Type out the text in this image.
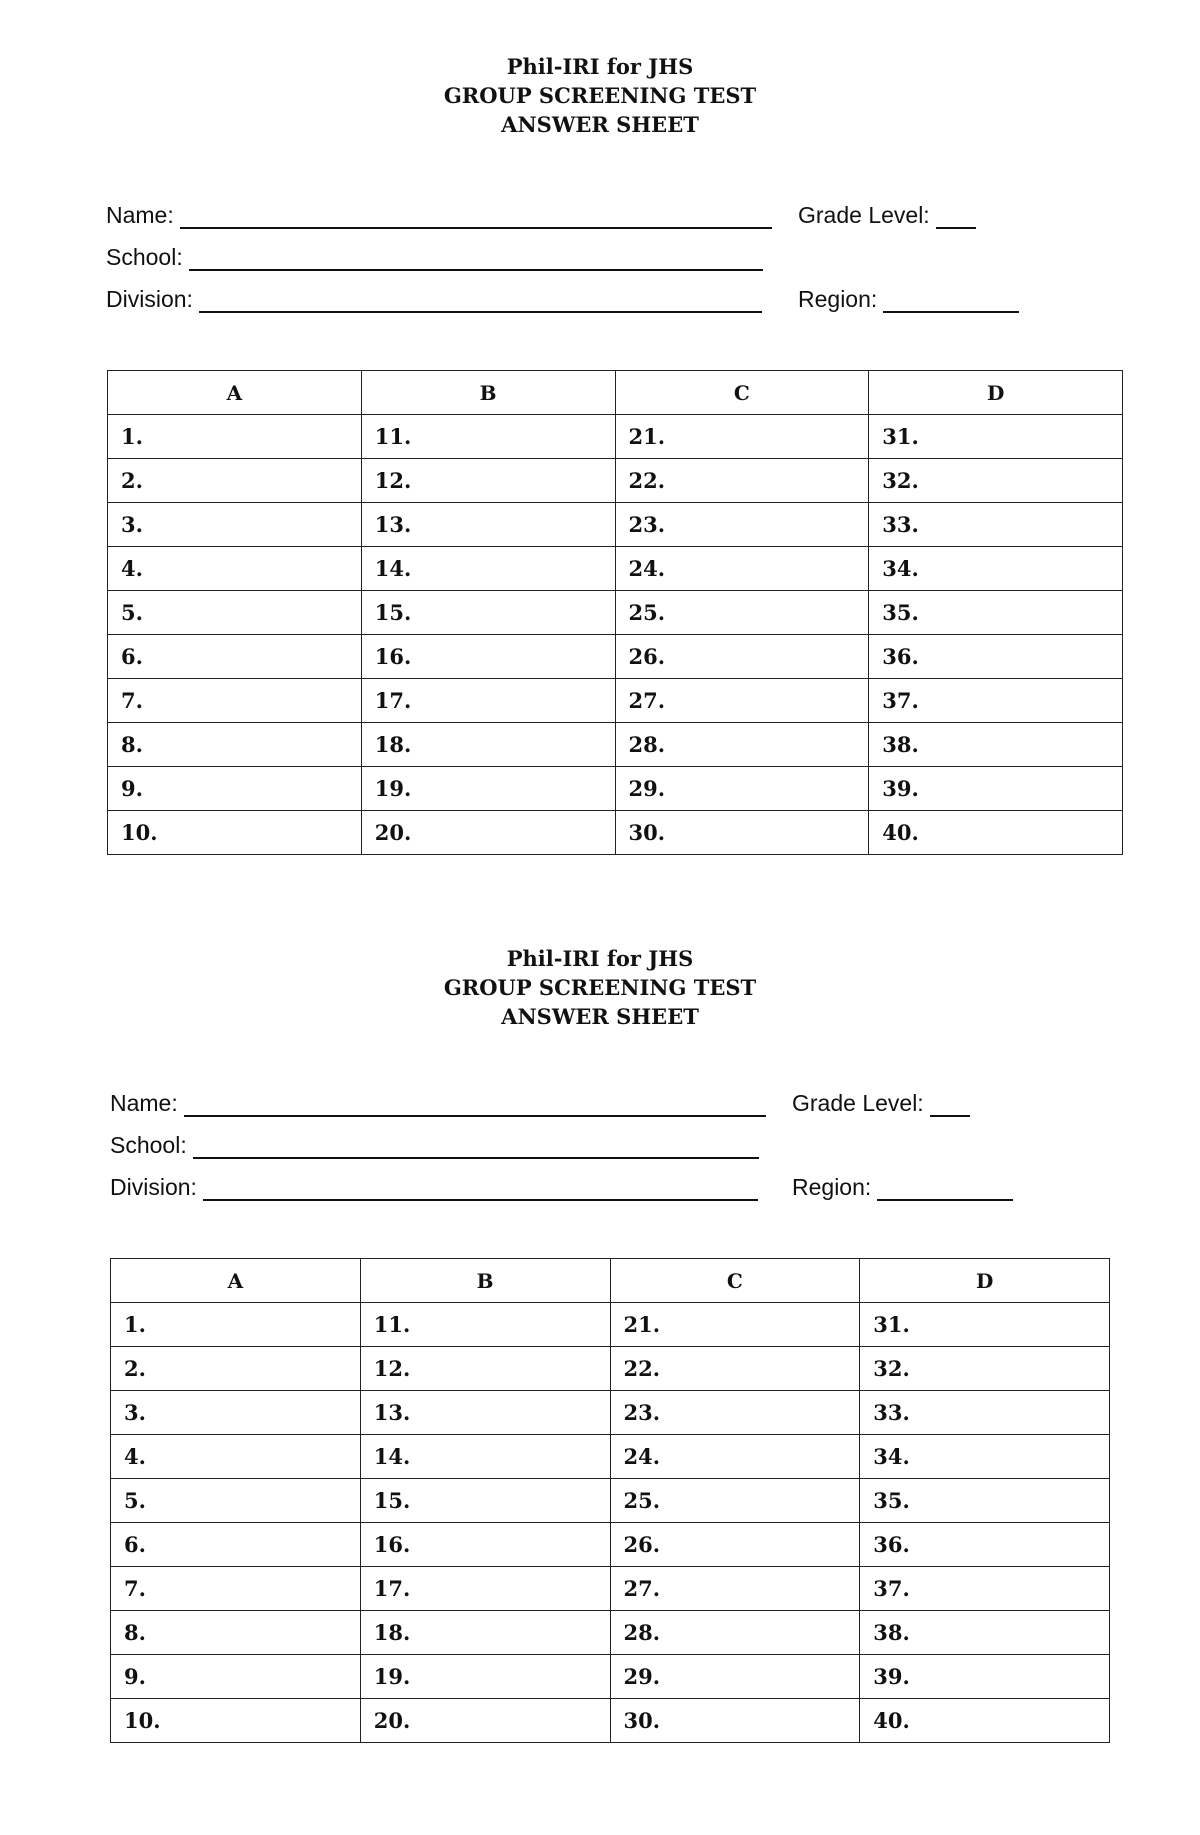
Phil-IRI for JHS
GROUP SCREENING TEST
ANSWER SHEET
Name:	Grade Level:
School:
Division:	Region:
A	B	C	D
1.	11.	21.	31.
2.	12.	22.	32.
3.	13.	23.	33.
4.	14.	24.	34.
5.	15.	25.	35.
6.	16.	26.	36.
7.	17.	27.	37.
8.	18.	28.	38.
9.	19.	29.	39.
10.	20.	30.	40.
Phil-IRI for JHS
GROUP SCREENING TEST
ANSWER SHEET
Name:	Grade Level:
School:
Division:	Region:
A	B	C	D
1.	11.	21.	31.
2.	12.	22.	32.
3.	13.	23.	33.
4.	14.	24.	34.
5.	15.	25.	35.
6.	16.	26.	36.
7.	17.	27.	37.
8.	18.	28.	38.
9.	19.	29.	39.
10.	20.	30.	40.
